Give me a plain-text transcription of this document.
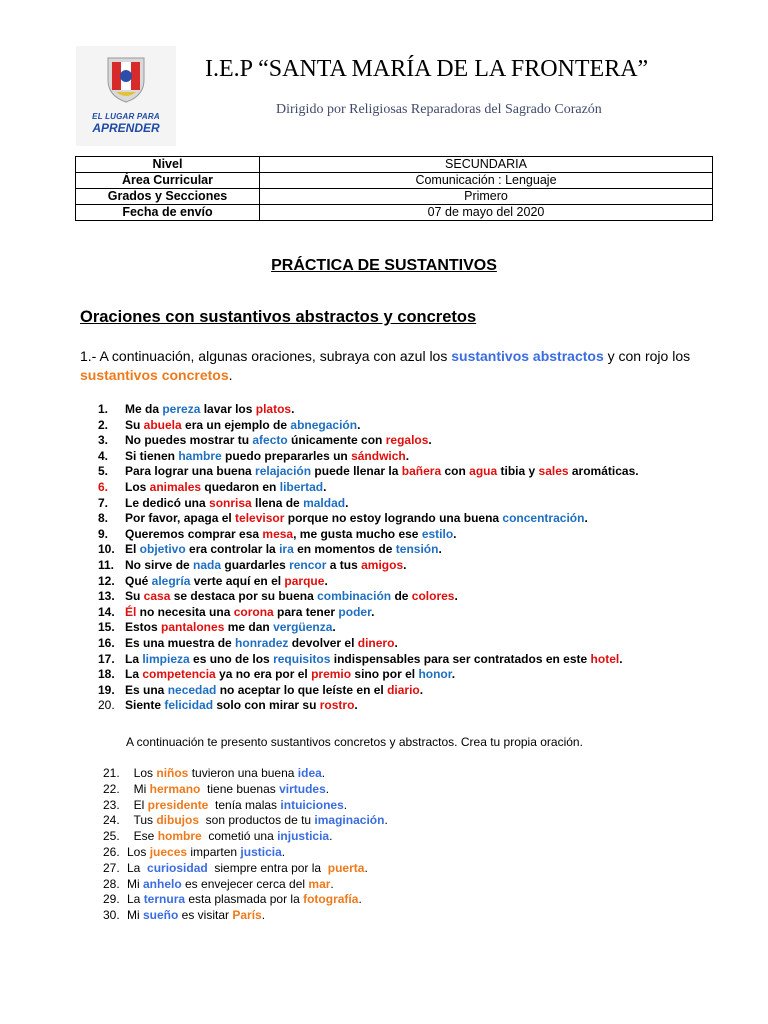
EL LUGAR PARA
APRENDER
I.E.P “SANTA MARÍA DE LA FRONTERA”
Dirigido por Religiosas Reparadoras del Sagrado Corazón
Nivel	SECUNDARIA
Área Curricular	Comunicación : Lenguaje
Grados y Secciones	Primero
Fecha de envío	07 de mayo del 2020
PRÁCTICA DE SUSTANTIVOS
Oraciones con sustantivos abstractos y concretos
1.- A continuación, algunas oraciones, subraya con azul los sustantivos abstractos y con rojo los sustantivos concretos.
1. Me da pereza lavar los platos.
2. Su abuela era un ejemplo de abnegación.
3. No puedes mostrar tu afecto únicamente con regalos.
4. Si tienen hambre puedo prepararles un sándwich.
5. Para lograr una buena relajación puede llenar la bañera con agua tibia y sales aromáticas.
6. Los animales quedaron en libertad.
7. Le dedicó una sonrisa llena de maldad.
8. Por favor, apaga el televisor porque no estoy logrando una buena concentración.
9. Queremos comprar esa mesa, me gusta mucho ese estilo.
10. El objetivo era controlar la ira en momentos de tensión.
11. No sirve de nada guardarles rencor a tus amigos.
12. Qué alegría verte aquí en el parque.
13. Su casa se destaca por su buena combinación de colores.
14. Él no necesita una corona para tener poder.
15. Estos pantalones me dan vergüenza.
16. Es una muestra de honradez devolver el dinero.
17. La limpieza es uno de los requisitos indispensables para ser contratados en este hotel.
18. La competencia ya no era por el premio sino por el honor.
19. Es una necedad no aceptar lo que leíste en el diario.
20. Siente felicidad solo con mirar su rostro.
A continuación te presento sustantivos concretos y abstractos. Crea tu propia oración.
21.  Los niños tuvieron una buena idea.
22.  Mi hermano  tiene buenas virtudes.
23.  El presidente  tenía malas intuiciones.
24.  Tus dibujos  son productos de tu imaginación.
25.  Ese hombre  cometió una injusticia.
26. Los jueces imparten justicia.
27. La  curiosidad  siempre entra por la  puerta.
28. Mi anhelo es envejecer cerca del mar.
29. La ternura esta plasmada por la fotografía.
30. Mi sueño es visitar París.
